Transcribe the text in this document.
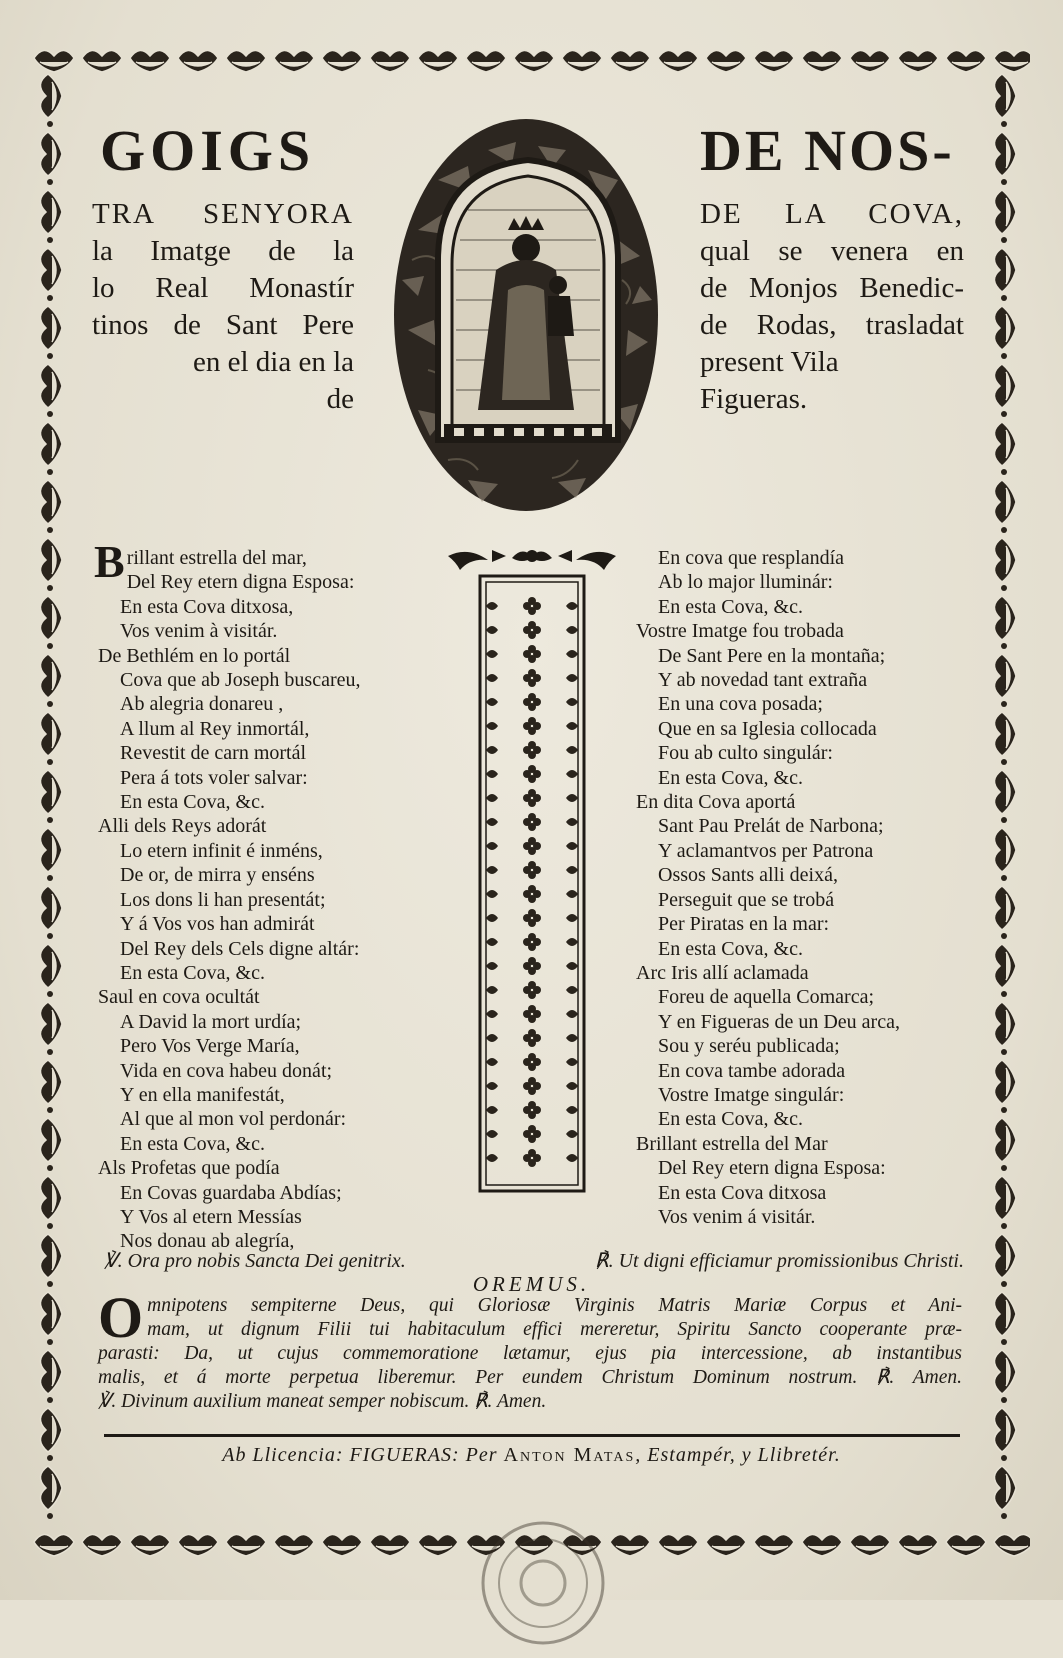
GOIGS	DE NOS-
TRA SENYORA
la Imatge de la
lo Real Monastír
tinos de Sant Pere
en el dia en la
de
DE LA COVA,
qual se venera en
de Monjos Benedic-
de Rodas, trasladat
present Vila
Figueras.
Brillant estrella del mar,
Del Rey etern digna Esposa:
En esta Cova ditxosa,
Vos venim à visitár.
De Bethlém en lo portál
Cova que ab Joseph buscareu,
Ab alegria donareu ,
A llum al Rey inmortál,
Revestit de carn mortál
Pera á tots voler salvar:
En esta Cova, &c.
Alli dels Reys adorát
Lo etern infinit é inméns,
De or, de mirra y enséns
Los dons li han presentát;
Y á Vos vos han admirát
Del Rey dels Cels digne altár:
En esta Cova, &c.
Saul en cova ocultát
A David la mort urdía;
Pero Vos Verge María,
Vida en cova habeu donát;
Y en ella manifestát,
Al que al mon vol perdonár:
En esta Cova, &c.
Als Profetas que podía
En Covas guardaba Abdías;
Y Vos al etern Messías
Nos donau ab alegría,
En cova que resplandía
Ab lo major lluminár:
En esta Cova, &c.
Vostre Imatge fou trobada
De Sant Pere en la montaña;
Y ab novedad tant extraña
En una cova posada;
Que en sa Iglesia collocada
Fou ab culto singulár:
En esta Cova, &c.
En dita Cova aportá
Sant Pau Prelát de Narbona;
Y aclamantvos per Patrona
Ossos Sants alli deixá,
Perseguit que se trobá
Per Piratas en la mar:
En esta Cova, &c.
Arc Iris allí aclamada
Foreu de aquella Comarca;
Y en Figueras de un Deu arca,
Sou y seréu publicada;
En cova tambe adorada
Vostre Imatge singulár:
En esta Cova, &c.
Brillant estrella del Mar
Del Rey etern digna Esposa:
En esta Cova ditxosa
Vos venim á visitár.
℣. Ora pro nobis Sancta Dei genitrix.	℟. Ut digni efficiamur promissionibus Christi.
OREMUS.
O mnipotens sempiterne Deus, qui Gloriosæ Virginis Matris Mariæ Corpus et Ani-
mam, ut dignum Filii tui habitaculum effici mereretur, Spiritu Sancto cooperante præ-
parasti: Da, ut cujus commemoratione lætamur, ejus pia intercessione, ab instantibus
malis, et á morte perpetua liberemur. Per eundem Christum Dominum nostrum. ℟. Amen.
℣. Divinum auxilium maneat semper nobiscum. ℟. Amen.
Ab Llicencia: FIGUERAS: Per Anton Matas, Estampér, y Llibretér.
